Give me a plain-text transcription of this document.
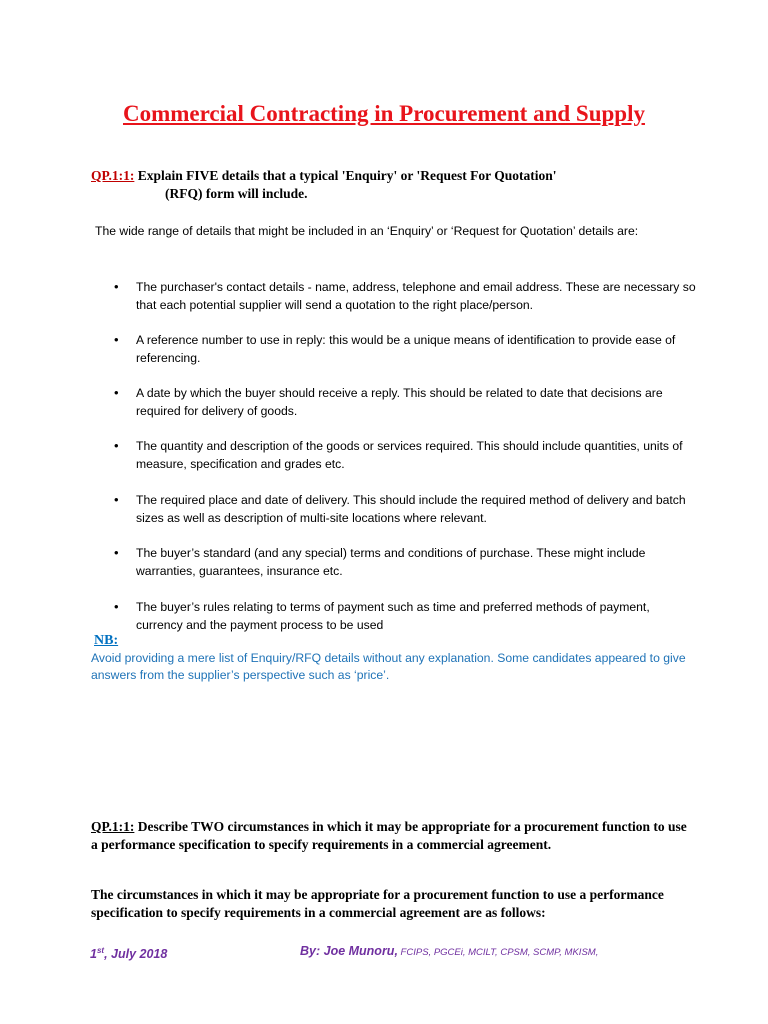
Commercial Contracting in Procurement and Supply
QP.1:1: Explain FIVE details that a typical 'Enquiry' or 'Request For Quotation'
(RFQ) form will include.

The wide range of details that might be included in an ‘Enquiry’ or ‘Request for Quotation’ details are:

• The purchaser's contact details - name, address, telephone and email address. These are necessary so that each potential supplier will send a quotation to the right place/person.
• A reference number to use in reply: this would be a unique means of identification to provide ease of referencing.
• A date by which the buyer should receive a reply. This should be related to date that decisions are required for delivery of goods.
• The quantity and description of the goods or services required. This should include quantities, units of measure, specification and grades etc.
• The required place and date of delivery. This should include the required method of delivery and batch sizes as well as description of multi-site locations where relevant.
• The buyer’s standard (and any special) terms and conditions of purchase. These might include warranties, guarantees, insurance etc.
• The buyer’s rules relating to terms of payment such as time and preferred methods of payment, currency and the payment process to be used
NB:

Avoid providing a mere list of Enquiry/RFQ details without any explanation. Some candidates appeared to give answers from the supplier’s perspective such as ‘price’.

QP.1:1: Describe TWO circumstances in which it may be appropriate for a procurement function to use a performance specification to specify requirements in a commercial agreement.

The circumstances in which it may be appropriate for a procurement function to use a performance specification to specify requirements in a commercial agreement are as follows:

1st, July 2018	By: Joe Munoru, FCIPS, PGCEi, MCILT, CPSM, SCMP, MKISM,
